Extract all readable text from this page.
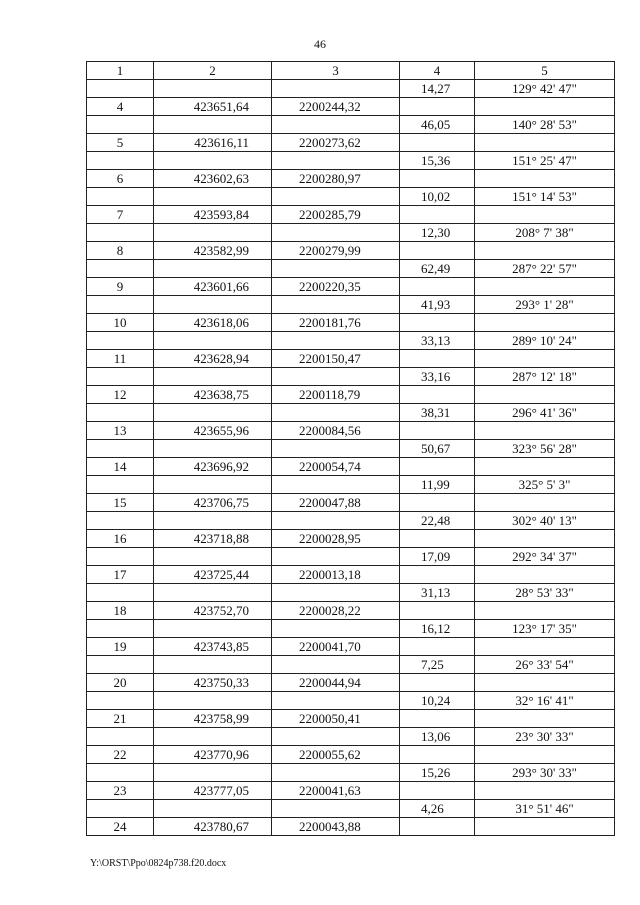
46
1	2	3	4	5
			14,27	129° 42' 47"
4	423651,64	2200244,32		
			46,05	140° 28' 53"
5	423616,11	2200273,62		
			15,36	151° 25' 47"
6	423602,63	2200280,97		
			10,02	151° 14' 53"
7	423593,84	2200285,79		
			12,30	208° 7' 38"
8	423582,99	2200279,99		
			62,49	287° 22' 57"
9	423601,66	2200220,35		
			41,93	293° 1' 28"
10	423618,06	2200181,76		
			33,13	289° 10' 24"
11	423628,94	2200150,47		
			33,16	287° 12' 18"
12	423638,75	2200118,79		
			38,31	296° 41' 36"
13	423655,96	2200084,56		
			50,67	323° 56' 28"
14	423696,92	2200054,74		
			11,99	325° 5' 3"
15	423706,75	2200047,88		
			22,48	302° 40' 13"
16	423718,88	2200028,95		
			17,09	292° 34' 37"
17	423725,44	2200013,18		
			31,13	28° 53' 33"
18	423752,70	2200028,22		
			16,12	123° 17' 35"
19	423743,85	2200041,70		
			7,25	26° 33' 54"
20	423750,33	2200044,94		
			10,24	32° 16' 41"
21	423758,99	2200050,41		
			13,06	23° 30' 33"
22	423770,96	2200055,62		
			15,26	293° 30' 33"
23	423777,05	2200041,63		
			4,26	31° 51' 46"
24	423780,67	2200043,88		
Y:\ORST\Ppo\0824p738.f20.docx
